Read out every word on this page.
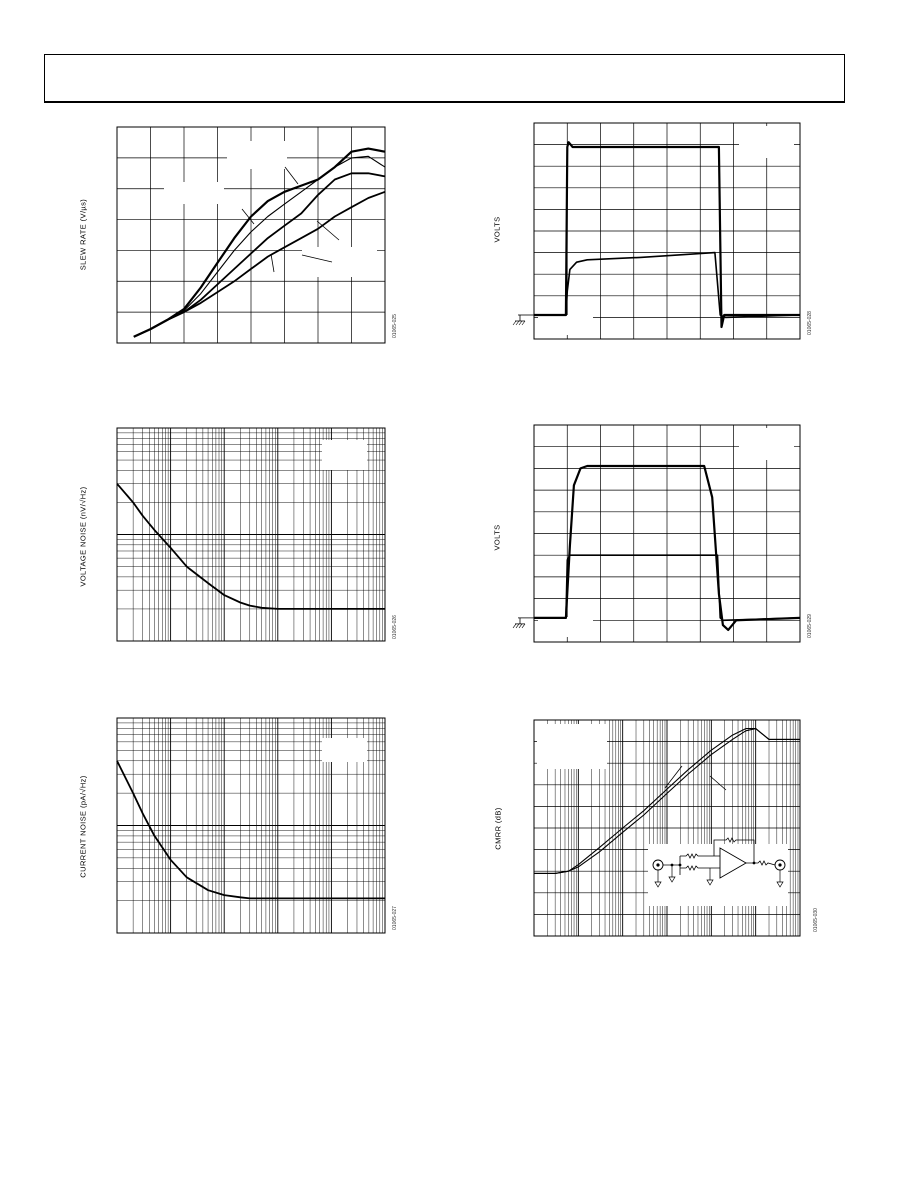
SLEW RATE (V/µs)
01065-025
VOLTAGE NOISE (nV/√Hz)
01065-026
CURRENT NOISE (pA/√Hz)
01065-027
VOLTS
01065-028
VOLTS
01065-029
CMRR (dB)
01065-030
